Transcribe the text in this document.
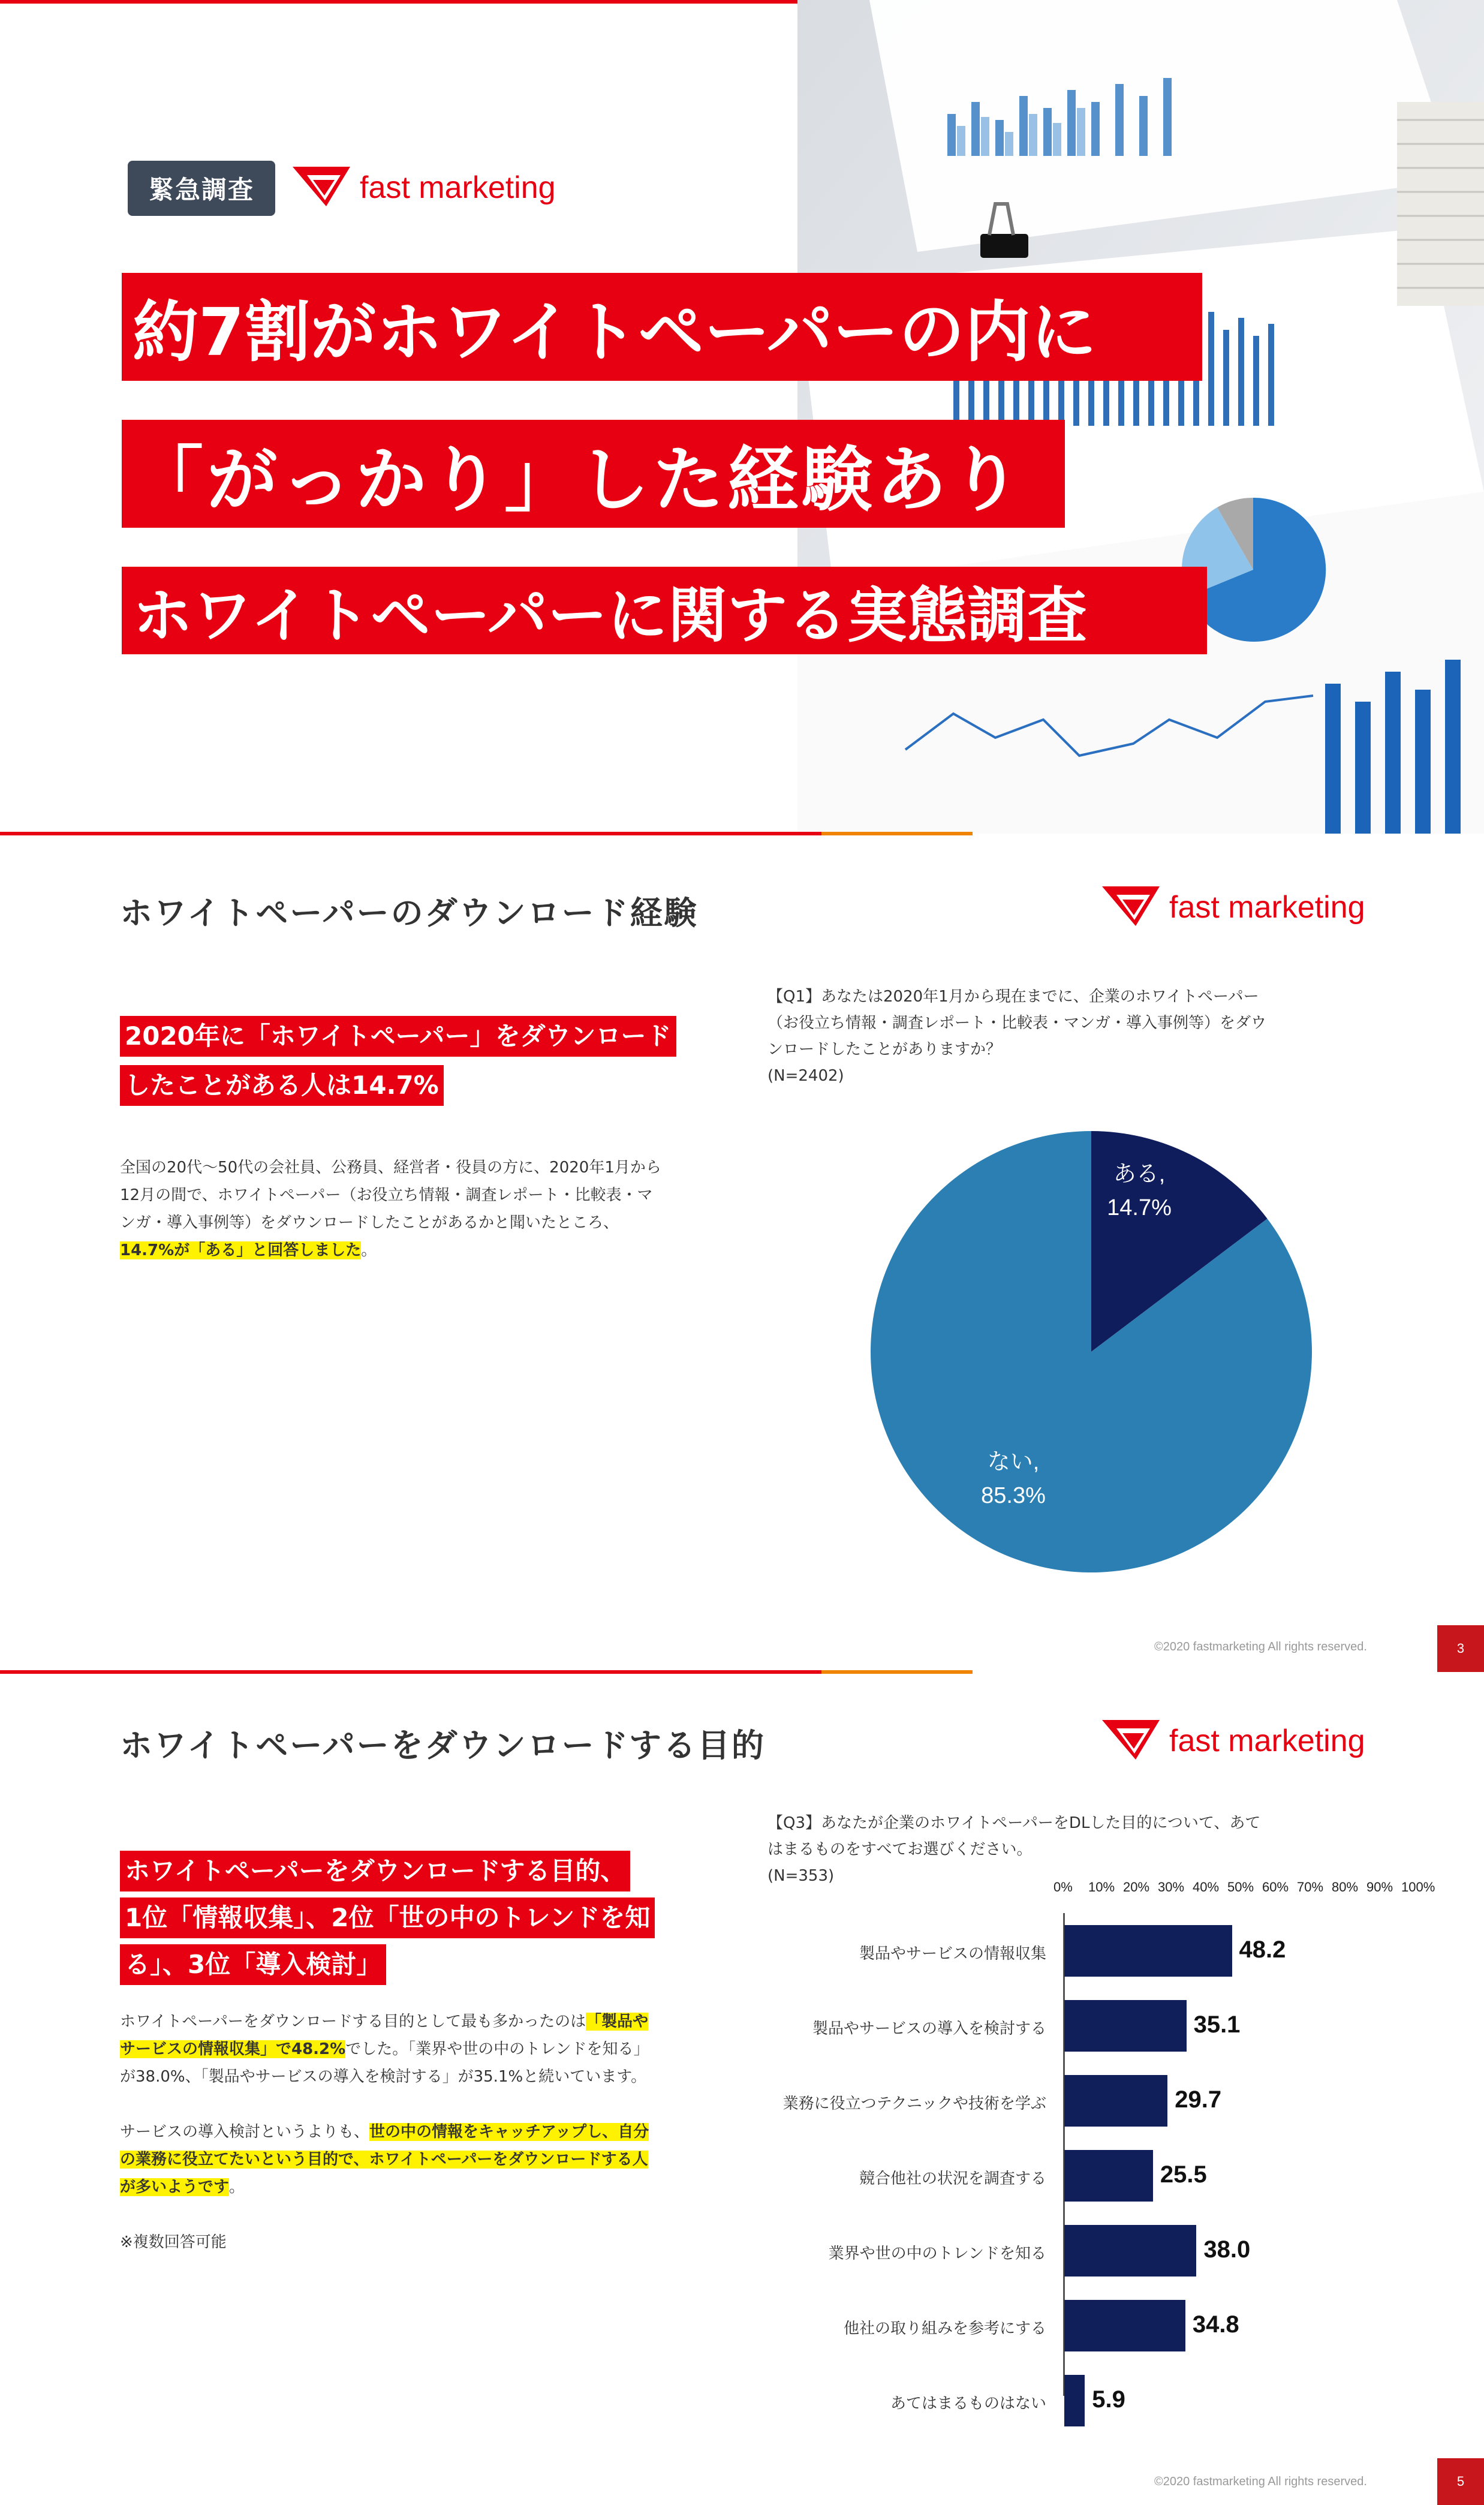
緊急調査	fast marketing
約7割がホワイトペーパーの内に
「がっかり」した経験あり
ホワイトペーパーに関する実態調査
ホワイトペーパーのダウンロード経験	fast marketing
2020年に「ホワイトペーパー」をダウンロード
したことがある人は14.7%
全国の20代～50代の会社員、公務員、経営者・役員の方に、2020年1月から
12月の間で、ホワイトペーパー（お役立ち情報・調査レポート・比較表・マ
ンガ・導入事例等）をダウンロードしたことがあるかと聞いたところ、
14.7%が「ある」と回答しました。
【Q1】あなたは2020年1月から現在までに、企業のホワイトペーパー
（お役立ち情報・調査レポート・比較表・マンガ・導入事例等）をダウ
ンロードしたことがありますか？
(N=2402)
ある,
14.7%
ない,
85.3%
©2020 fastmarketing All rights reserved.	3
ホワイトペーパーをダウンロードする目的	fast marketing
ホワイトペーパーをダウンロードする目的、
1位「情報収集」、2位「世の中のトレンドを知
る」、3位「導入検討」
ホワイトペーパーをダウンロードする目的として最も多かったのは「製品や
サービスの情報収集」で48.2%でした。「業界や世の中のトレンドを知る」
が38.0%、「製品やサービスの導入を検討する」が35.1%と続いています。
サービスの導入検討というよりも、世の中の情報をキャッチアップし、自分
の業務に役立てたいという目的で、ホワイトペーパーをダウンロードする人
が多いようです。
※複数回答可能
【Q3】あなたが企業のホワイトペーパーをDLした目的について、あて
はまるものをすべてお選びください。
(N=353)
0% 10% 20% 30% 40% 50% 60% 70% 80% 90% 100%
製品やサービスの情報収集	48.2
製品やサービスの導入を検討する	35.1
業務に役立つテクニックや技術を学ぶ	29.7
競合他社の状況を調査する	25.5
業界や世の中のトレンドを知る	38.0
他社の取り組みを参考にする	34.8
あてはまるものはない 5.9
©2020 fastmarketing All rights reserved.	5
